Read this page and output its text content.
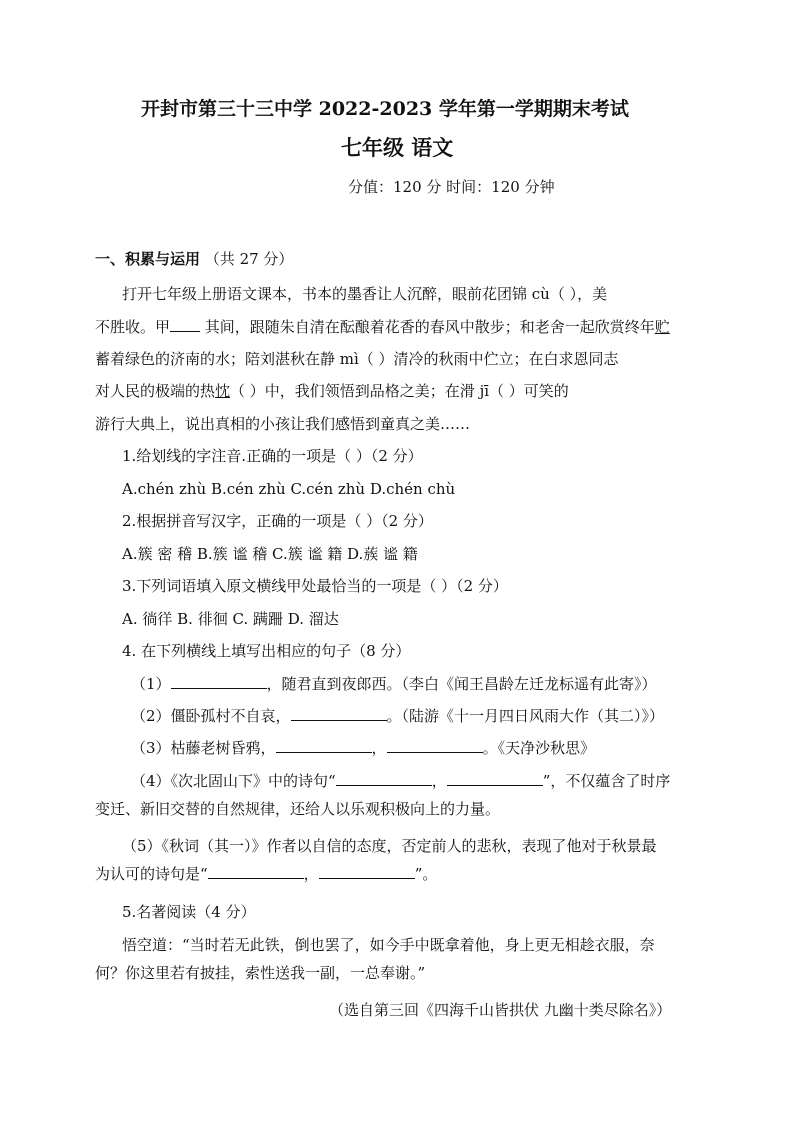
开封市第三十三中学 2022-2023 学年第一学期期末考试
七年级 语文
分值：120 分 时间：120 分钟
一、积累与运用 （共 27 分）
打开七年级上册语文课本，书本的墨香让人沉醉，眼前花团锦 cù（ ），美
不胜收。甲 其间，跟随朱自清在酝酿着花香的春风中散步；和老舍一起欣赏终年贮
蓄着绿色的济南的水；陪刘湛秋在静 mì（ ）清冷的秋雨中伫立；在白求恩同志
对人民的极端的热忱（ ）中，我们领悟到品格之美；在滑 jī（ ）可笑的
游行大典上，说出真相的小孩让我们感悟到童真之美……
1.给划线的字注音.正确的一项是（ ）（2 分）
A.chén zhù B.cén zhù C.cén zhù D.chén chù
2.根据拼音写汉字，正确的一项是（ ）（2 分）
A.簇 密 稽 B.簇 谧 稽 C.簇 谧 籍 D.蔟 谧 籍
3.下列词语填入原文横线甲处最恰当的一项是（ ）（2 分）
A. 徜徉 B. 徘徊 C. 蹒跚 D. 溜达
4. 在下列横线上填写出相应的句子（8 分）
（1）	，随君直到夜郎西。（李白《闻王昌龄左迁龙标遥有此寄》）
（2）僵卧孤村不自哀，	。（陆游《十一月四日风雨大作（其二）》）
（3）枯藤老树昏鸦，	，	。《天净沙秋思》
（4）《次北固山下》中的诗句“	，	”，不仅蕴含了时序
变迁、新旧交替的自然规律，还给人以乐观积极向上的力量。
（5）《秋词（其一）》作者以自信的态度，否定前人的悲秋，表现了他对于秋景最
为认可的诗句是“	，	”。
5.名著阅读（4 分）
悟空道：“当时若无此铁，倒也罢了，如今手中既拿着他，身上更无相趁衣服，奈
何？你这里若有披挂，索性送我一副，一总奉谢。”
（选自第三回《四海千山皆拱伏 九幽十类尽除名》）
